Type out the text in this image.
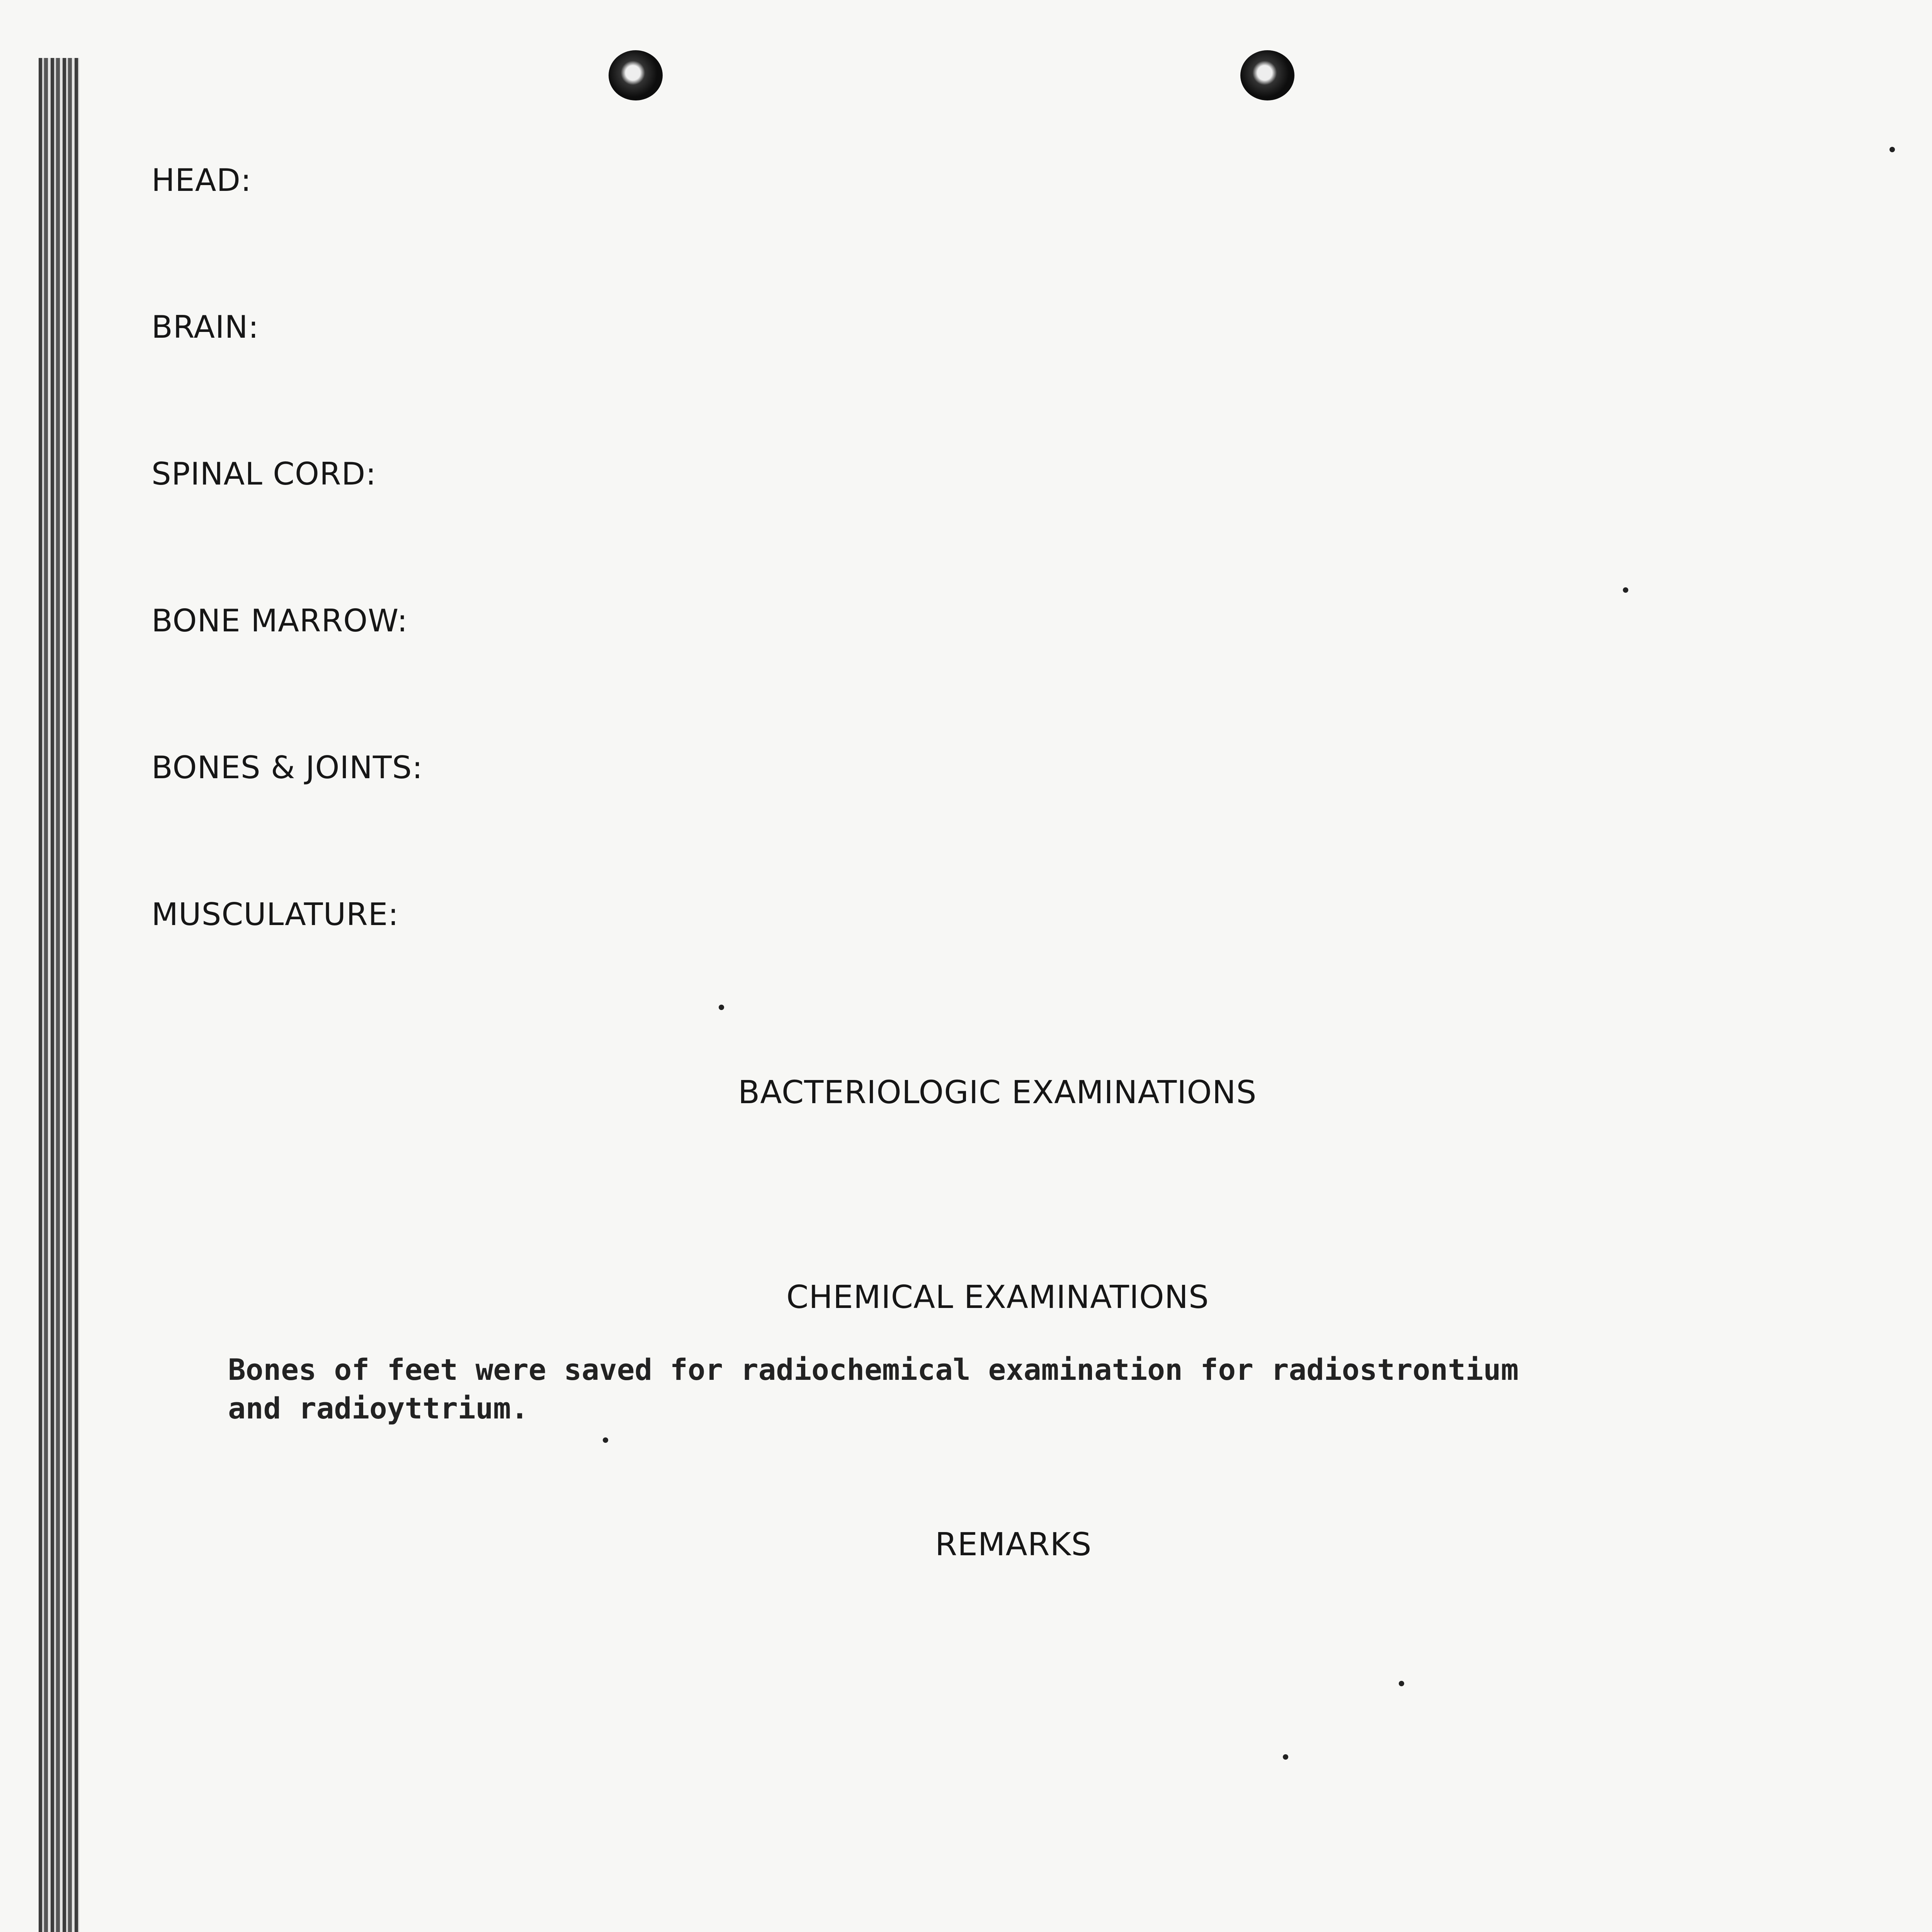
HEAD:
BRAIN:
SPINAL CORD:
BONE MARROW:
BONES & JOINTS:
MUSCULATURE:
BACTERIOLOGIC EXAMINATIONS
CHEMICAL EXAMINATIONS
Bones of feet were saved for radiochemical examination for radiostrontium
and radioyttrium.
REMARKS
